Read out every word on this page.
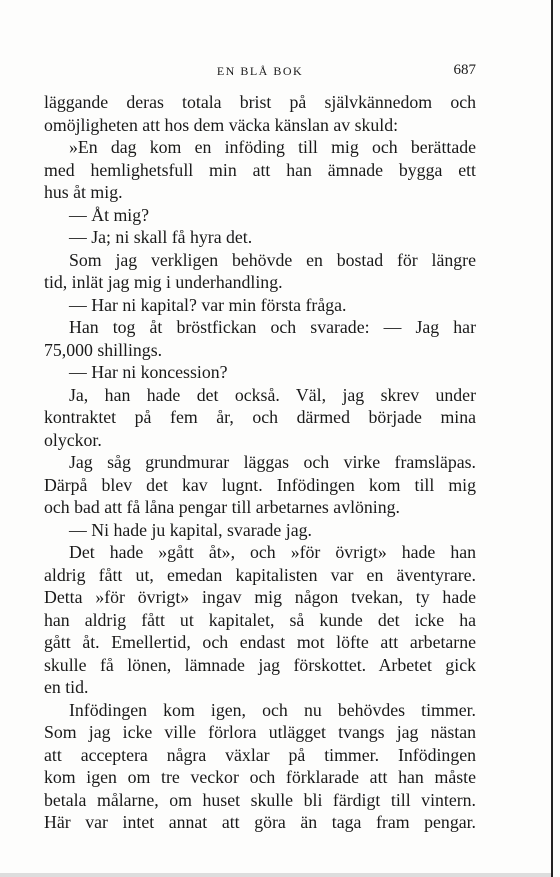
EN BLÅ BOK	687
läggande deras totala brist på självkännedom och
omöjligheten att hos dem väcka känslan av skuld:
»En dag kom en inföding till mig och berättade
med hemlighetsfull min att han ämnade bygga ett
hus åt mig.
— Åt mig?
— Ja; ni skall få hyra det.
Som jag verkligen behövde en bostad för längre
tid, inlät jag mig i underhandling.
— Har ni kapital? var min första fråga.
Han tog åt bröstfickan och svarade: — Jag har
75,000 shillings.
— Har ni koncession?
Ja, han hade det också. Väl, jag skrev under
kontraktet på fem år, och därmed började mina
olyckor.
Jag såg grundmurar läggas och virke framsläpas.
Därpå blev det kav lugnt. Infödingen kom till mig
och bad att få låna pengar till arbetarnes avlöning.
— Ni hade ju kapital, svarade jag.
Det hade »gått åt», och »för övrigt» hade han
aldrig fått ut, emedan kapitalisten var en äventyrare.
Detta »för övrigt» ingav mig någon tvekan, ty hade
han aldrig fått ut kapitalet, så kunde det icke ha
gått åt. Emellertid, och endast mot löfte att arbetarne
skulle få lönen, lämnade jag förskottet. Arbetet gick
en tid.
Infödingen kom igen, och nu behövdes timmer.
Som jag icke ville förlora utlägget tvangs jag nästan
att acceptera några växlar på timmer. Infödingen
kom igen om tre veckor och förklarade att han måste
betala målarne, om huset skulle bli färdigt till vintern.
Här var intet annat att göra än taga fram pengar.
